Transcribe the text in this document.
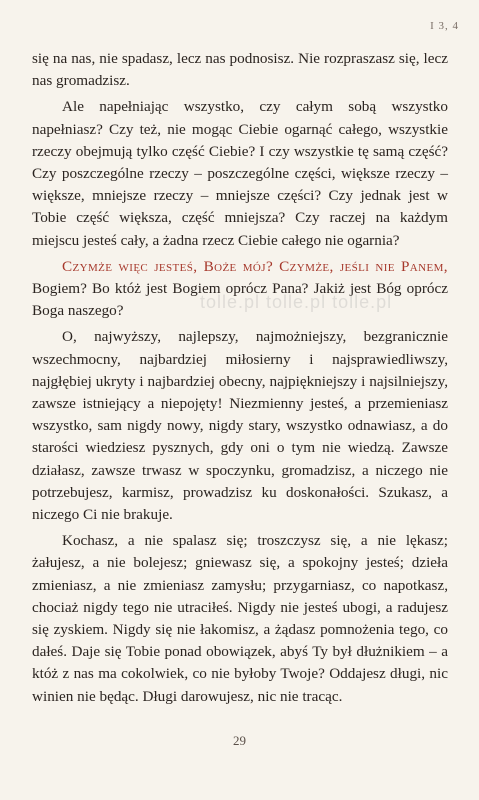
I 3, 4

się na nas, nie spadasz, lecz nas podnosisz. Nie rozpraszasz się, lecz nas gromadzisz.

Ale napełniając wszystko, czy całym sobą wszystko napełniasz? Czy też, nie mogąc Ciebie ogarnąć całego, wszystkie rzeczy obejmują tylko część Ciebie? I czy wszystkie tę samą część? Czy poszczególne rzeczy – poszczególne części, większe rzeczy – większe, mniejsze rzeczy – mniejsze części? Czy jednak jest w Tobie część większa, część mniejsza? Czy raczej na każdym miejscu jesteś cały, a żadna rzecz Ciebie całego nie ogarnia?

Czymże więc jesteś, Boże mój? Czymże, jeśli nie Panem, Bogiem? Bo któż jest Bogiem oprócz Pana? Jakiż jest Bóg oprócz Boga naszego?

O, najwyższy, najlepszy, najmożniejszy, bezgranicznie wszechmocny, najbardziej miłosierny i najsprawiedliwszy, najgłębiej ukryty i najbardziej obecny, najpiękniejszy i najsilniejszy, zawsze istniejący a niepojęty! Niezmienny jesteś, a przemieniasz wszystko, sam nigdy nowy, nigdy stary, wszystko odnawiasz, a do starości wiedziesz pysznych, gdy oni o tym nie wiedzą. Zawsze działasz, zawsze trwasz w spoczynku, gromadzisz, a niczego nie potrzebujesz, karmisz, prowadzisz ku doskonałości. Szukasz, a niczego Ci nie brakuje.

Kochasz, a nie spalasz się; troszczysz się, a nie lękasz; żałujesz, a nie bolejesz; gniewasz się, a spokojny jesteś; dzieła zmieniasz, a nie zmieniasz zamysłu; przygarniasz, co napotkasz, chociaż nigdy tego nie utraciłeś. Nigdy nie jesteś ubogi, a radujesz się zyskiem. Nigdy się nie łakomisz, a żądasz pomnożenia tego, co dałeś. Daje się Tobie ponad obowiązek, abyś Ty był dłużnikiem – a któż z nas ma cokolwiek, co nie byłoby Twoje? Oddajesz długi, nic winien nie będąc. Długi darowujesz, nic nie tracąc.

tolle.pl tolle.pl tolle.pl
29
